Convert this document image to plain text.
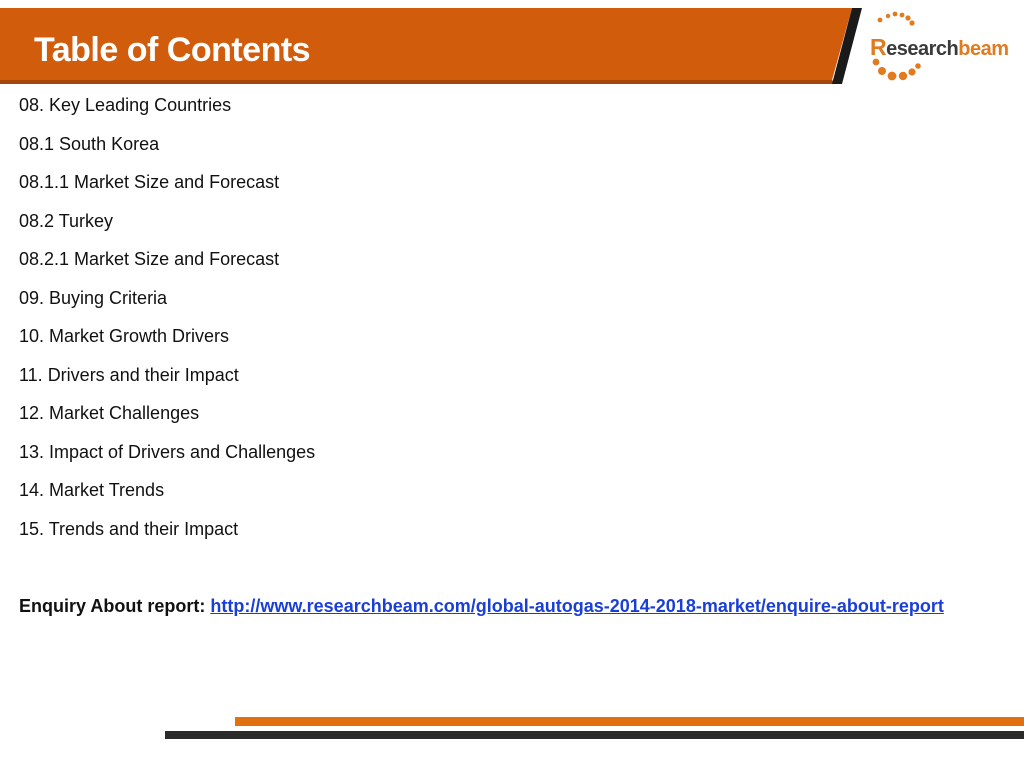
Table of Contents	Researchbeam
08. Key Leading Countries
08.1 South Korea
08.1.1 Market Size and Forecast
08.2 Turkey
08.2.1 Market Size and Forecast
09. Buying Criteria
10. Market Growth Drivers
11. Drivers and their Impact
12. Market Challenges
13. Impact of Drivers and Challenges
14. Market Trends
15. Trends and their Impact

Enquiry About report: http://www.researchbeam.com/global-autogas-2014-2018-market/enquire-about-report
